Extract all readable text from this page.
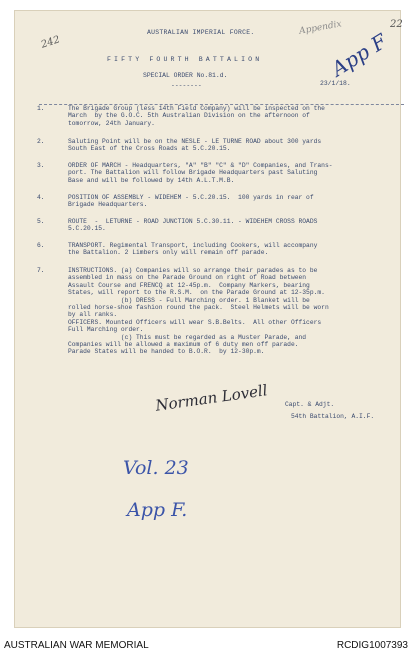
AUSTRALIAN IMPERIAL FORCE.
FIFTY FOURTH BATTALION
SPECIAL ORDER No.81.d.
--------	23/1/18.
242
22
Appendix
App F
1.	The Brigade Group (less 14th Field Company) will be inspected on the
March  by the G.O.C. 5th Australian Division on the afternoon of
tomorrow, 24th January.
2.	Saluting Point will be on the NESLE - LE TURNE ROAD about 300 yards
South East of the Cross Roads at 5.C.20.15.
3.	ORDER OF MARCH - Headquarters, "A" "B" "C" & "D" Companies, and Trans-
port. The Battalion will follow Brigade Headquarters past Saluting
Base and will be followed by 14th A.L.T.M.B.
4.	POSITION OF ASSEMBLY - WIDEHEM - 5.C.20.15.  100 yards in rear of
Brigade Headquarters.
5.	ROUTE  -  LETURNE - ROAD JUNCTION 5.C.30.11. - WIDEHEM CROSS ROADS
5.C.20.15.
6.	TRANSPORT. Regimental Transport, including Cookers, will accompany
the Battalion. 2 Limbers only will remain off parade.
7.	INSTRUCTIONS. (a) Companies will so arrange their parades as to be
assembled in mass on the Parade Ground on right of Road between
Assault Course and FRENCQ at 12-45p.m.  Company Markers, bearing
States, will report to the R.S.M.  on the Parade Ground at 12-35p.m.
(b) DRESS - Full Marching order. 1 Blanket will be
rolled horse-shoe fashion round the pack.  Steel Helmets will be worn
by all ranks.
OFFICERS. Mounted Officers will wear S.B.Belts.  All other Officers
Full Marching order.
(c) This must be regarded as a Muster Parade, and
Companies will be allowed a maximum of 6 duty men off parade.
Parade States will be handed to B.O.R.  by 12-30p.m.
Norman Lovell	Capt. & Adjt.
54th Battalion, A.I.F.
Vol. 23
App F.
AUSTRALIAN WAR MEMORIAL	RCDIG1007393
